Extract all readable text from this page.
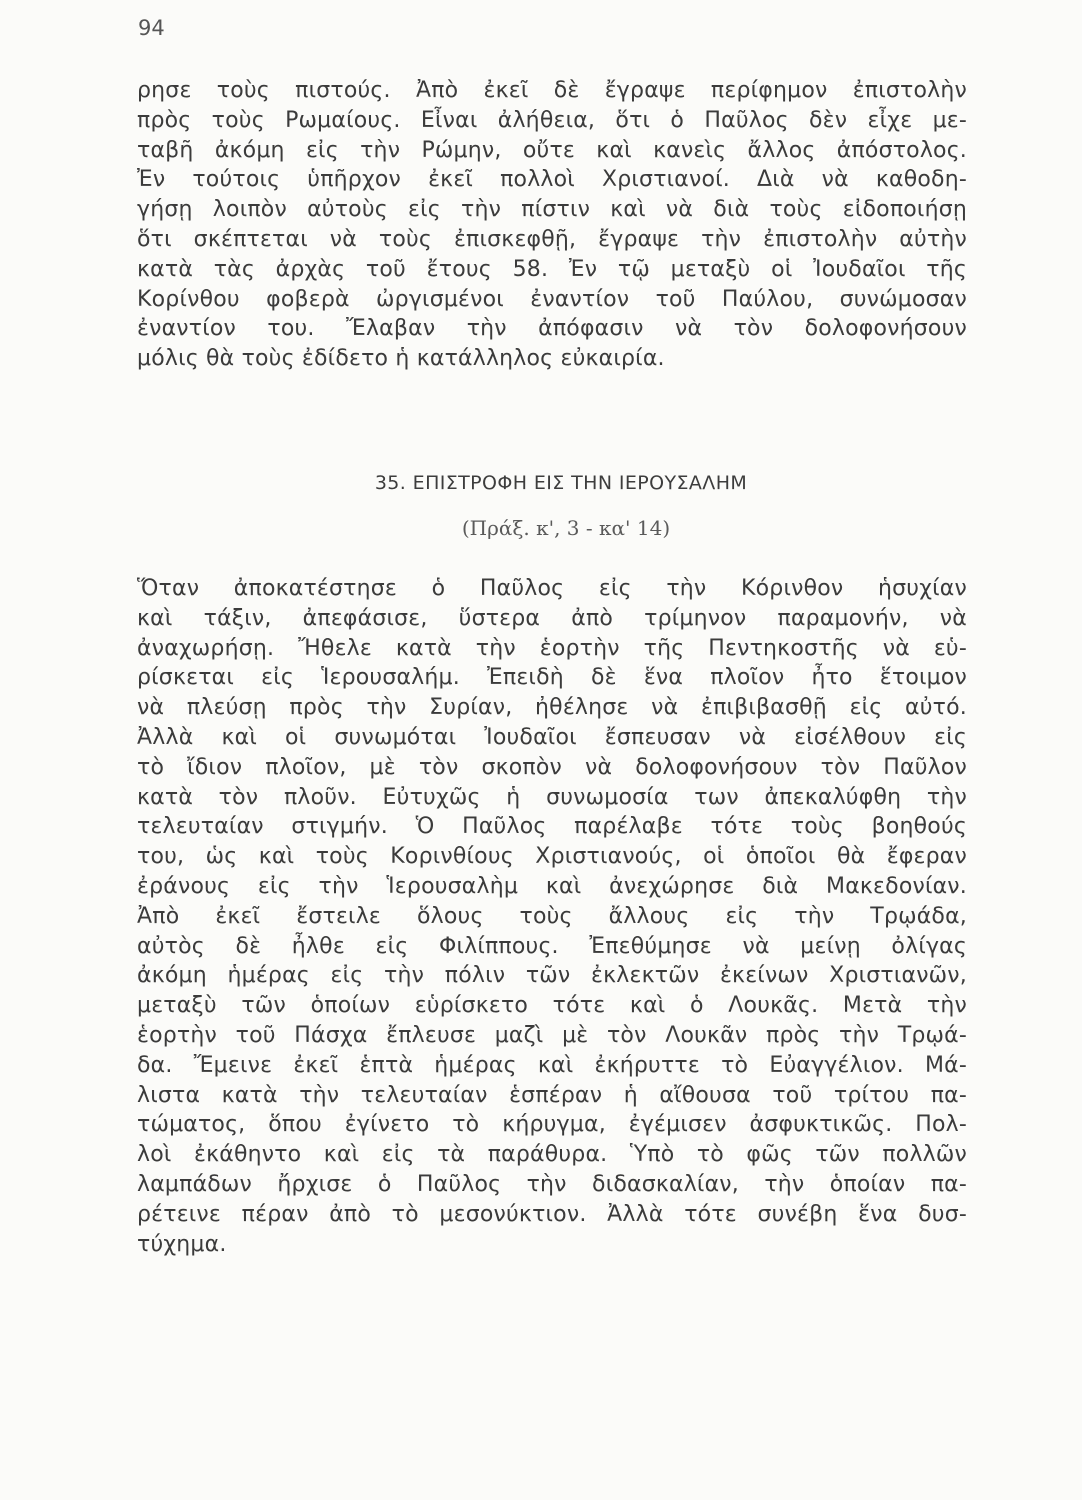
94
ρησε τοὺς πιστούς. Ἀπὸ ἐκεῖ δὲ ἔγραψε περίφημον ἐπιστολὴν
πρὸς τοὺς Ρωμαίους. Εἶναι ἀλήθεια, ὅτι ὁ Παῦλος δὲν εἶχε με-
ταβῆ ἀκόμη εἰς τὴν Ρώμην, οὔτε καὶ κανεὶς ἄλλος ἀπόστολος.
Ἐν τούτοις ὑπῆρχον ἐκεῖ πολλοὶ Χριστιανοί. Διὰ νὰ καθοδη-
γήσῃ λοιπὸν αὐτοὺς εἰς τὴν πίστιν καὶ νὰ διὰ τοὺς εἰδοποιήσῃ
ὅτι σκέπτεται νὰ τοὺς ἐπισκεφθῇ, ἔγραψε τὴν ἐπιστολὴν αὐτὴν
κατὰ τὰς ἀρχὰς τοῦ ἔτους 58. Ἐν τῷ μεταξὺ οἱ Ἰουδαῖοι τῆς
Κορίνθου φοβερὰ ὠργισμένοι ἐναντίον τοῦ Παύλου, συνώμοσαν
ἐναντίον του. Ἔλαβαν τὴν ἀπόφασιν νὰ τὸν δολοφονήσουν
μόλις θὰ τοὺς ἐδίδετο ἡ κατάλληλος εὐκαιρία.
35. ΕΠΙΣΤΡΟΦΗ ΕΙΣ ΤΗΝ ΙΕΡΟΥΣΑΛΗΜ
(Πράξ. κ', 3 - κα' 14)
Ὅταν ἀποκατέστησε ὁ Παῦλος εἰς τὴν Κόρινθον ἡσυχίαν
καὶ τάξιν, ἀπεφάσισε, ὕστερα ἀπὸ τρίμηνον παραμονήν, νὰ
ἀναχωρήσῃ. Ἤθελε κατὰ τὴν ἑορτὴν τῆς Πεντηκοστῆς νὰ εὑ-
ρίσκεται εἰς Ἱερουσαλήμ. Ἐπειδὴ δὲ ἕνα πλοῖον ἦτο ἕτοιμον
νὰ πλεύσῃ πρὸς τὴν Συρίαν, ἠθέλησε νὰ ἐπιβιβασθῇ εἰς αὐτό.
Ἀλλὰ καὶ οἱ συνωμόται Ἰουδαῖοι ἔσπευσαν νὰ εἰσέλθουν εἰς
τὸ ἴδιον πλοῖον, μὲ τὸν σκοπὸν νὰ δολοφονήσουν τὸν Παῦλον
κατὰ τὸν πλοῦν. Εὐτυχῶς ἡ συνωμοσία των ἀπεκαλύφθη τὴν
τελευταίαν στιγμήν. Ὁ Παῦλος παρέλαβε τότε τοὺς βοηθούς
του, ὡς καὶ τοὺς Κορινθίους Χριστιανούς, οἱ ὁποῖοι θὰ ἔφεραν
ἐράνους εἰς τὴν Ἱερουσαλὴμ καὶ ἀνεχώρησε διὰ Μακεδονίαν.
Ἀπὸ ἐκεῖ ἔστειλε ὅλους τοὺς ἄλλους εἰς τὴν Τρῳάδα,
αὐτὸς δὲ ἦλθε εἰς Φιλίππους. Ἐπεθύμησε νὰ μείνῃ ὀλίγας
ἀκόμη ἡμέρας εἰς τὴν πόλιν τῶν ἐκλεκτῶν ἐκείνων Χριστιανῶν,
μεταξὺ τῶν ὁποίων εὑρίσκετο τότε καὶ ὁ Λουκᾶς. Μετὰ τὴν
ἑορτὴν τοῦ Πάσχα ἔπλευσε μαζὶ μὲ τὸν Λουκᾶν πρὸς τὴν Τρῳά-
δα. Ἔμεινε ἐκεῖ ἑπτὰ ἡμέρας καὶ ἐκήρυττε τὸ Εὐαγγέλιον. Μά-
λιστα κατὰ τὴν τελευταίαν ἑσπέραν ἡ αἴθουσα τοῦ τρίτου πα-
τώματος, ὅπου ἐγίνετο τὸ κήρυγμα, ἐγέμισεν ἀσφυκτικῶς. Πολ-
λοὶ ἐκάθηντο καὶ εἰς τὰ παράθυρα. Ὑπὸ τὸ φῶς τῶν πολλῶν
λαμπάδων ἤρχισε ὁ Παῦλος τὴν διδασκαλίαν, τὴν ὁποίαν πα-
ρέτεινε πέραν ἀπὸ τὸ μεσονύκτιον. Ἀλλὰ τότε συνέβη ἕνα δυσ-
τύχημα.
